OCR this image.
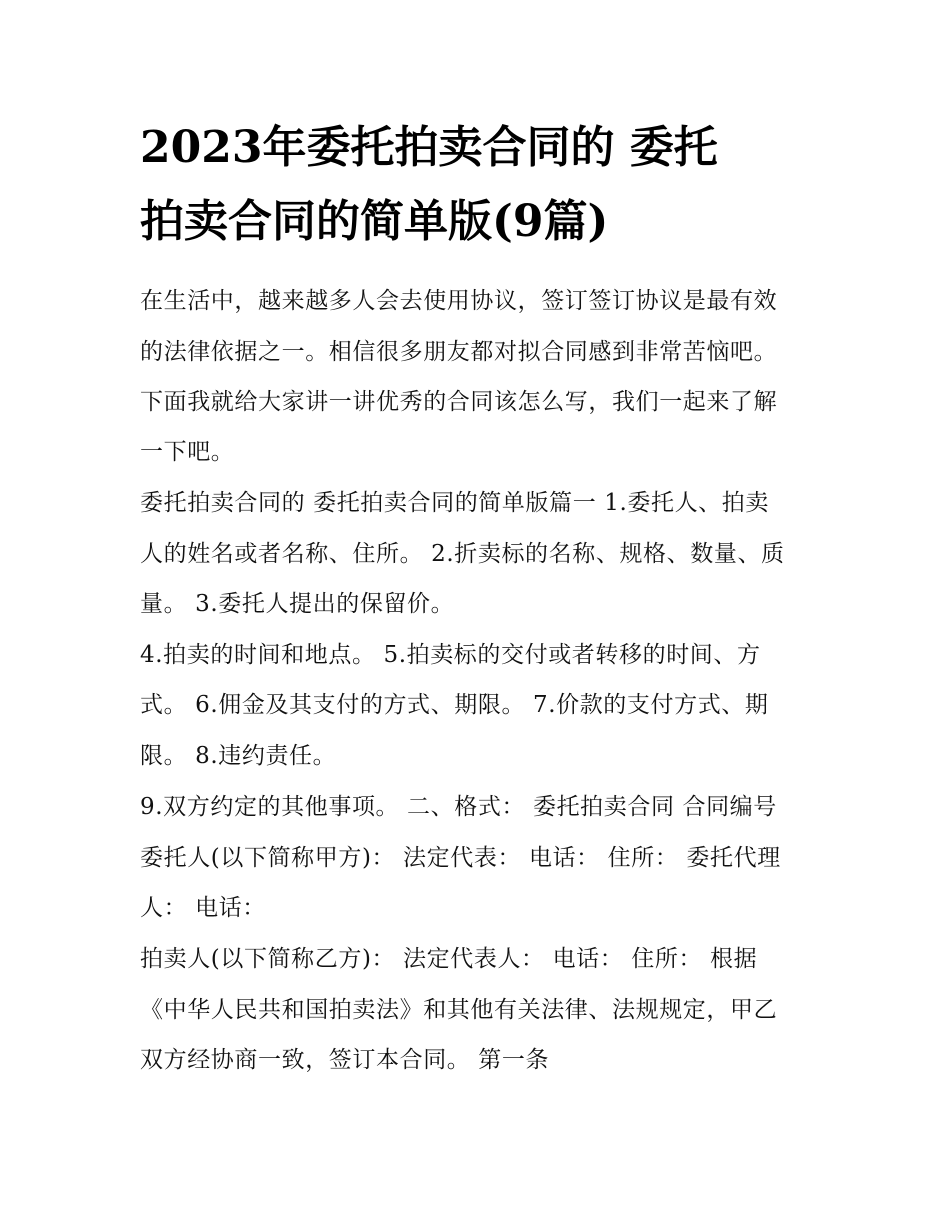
2023年委托拍卖合同的 委托
拍卖合同的简单版(9篇)
在生活中，越来越多人会去使用协议，签订签订协议是最有效
的法律依据之一。相信很多朋友都对拟合同感到非常苦恼吧。
下面我就给大家讲一讲优秀的合同该怎么写，我们一起来了解
一下吧。
委托拍卖合同的 委托拍卖合同的简单版篇一 1.委托人、拍卖
人的姓名或者名称、住所。 2.折卖标的名称、规格、数量、质
量。 3.委托人提出的保留价。
4.拍卖的时间和地点。 5.拍卖标的交付或者转移的时间、方
式。 6.佣金及其支付的方式、期限。 7.价款的支付方式、期
限。 8.违约责任。
9.双方约定的其他事项。 二、格式： 委托拍卖合同 合同编号
委托人(以下简称甲方)： 法定代表： 电话： 住所： 委托代理
人： 电话：
拍卖人(以下简称乙方)： 法定代表人： 电话： 住所： 根据
《中华人民共和国拍卖法》和其他有关法律、法规规定，甲乙
双方经协商一致，签订本合同。 第一条
